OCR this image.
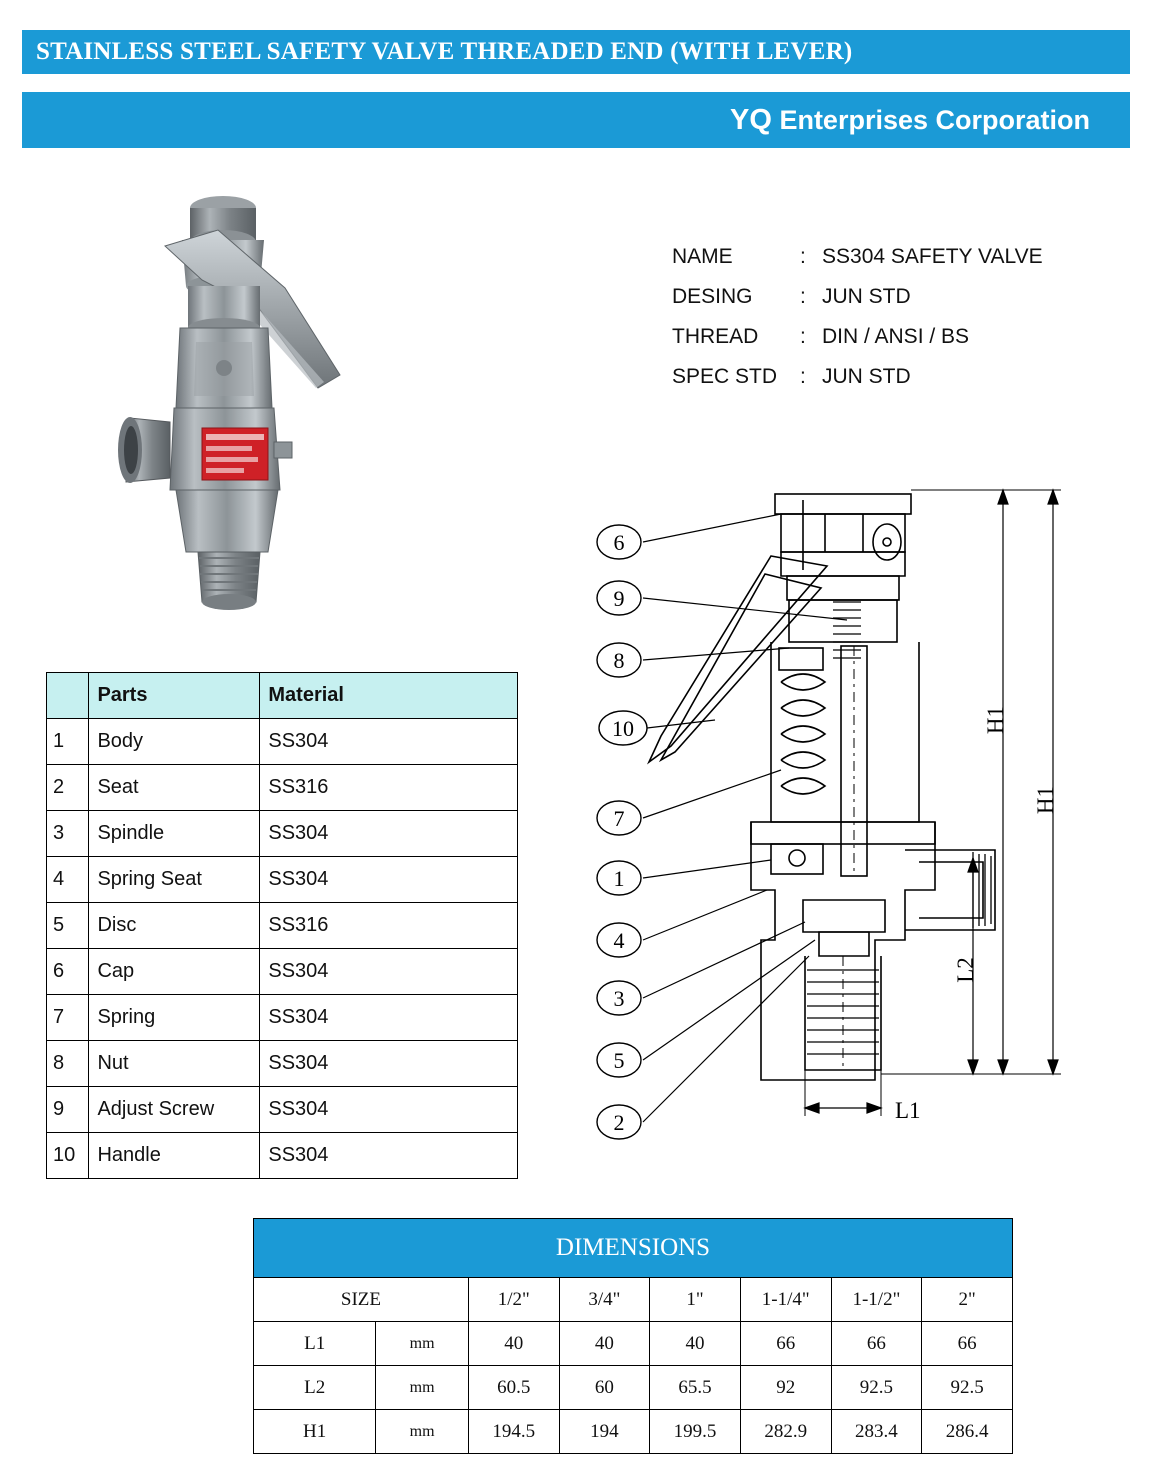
STAINLESS STEEL SAFETY VALVE THREADED END (WITH LEVER)
YQ Enterprises Corporation
NAME	: SS304 SAFETY VALVE
DESING	: JUN STD
THREAD	: DIN / ANSI / BS
SPEC STD	: JUN STD
	Parts	Material
1	Body	SS304
2	Seat	SS316
3	Spindle	SS304
4	Spring Seat	SS304
5	Disc	SS316
6	Cap	SS304
7	Spring	SS304
8	Nut	SS304
9	Adjust Screw	SS304
10	Handle	SS304
6
9
8
10
7
1
4
3
5
2
H1
H1
L2
L1
DIMENSIONS
SIZE		1/2"	3/4"	1"	1-1/4"	1-1/2"	2"
L1	mm	40	40	40	66	66	66
L2	mm	60.5	60	65.5	92	92.5	92.5
H1	mm	194.5	194	199.5	282.9	283.4	286.4
